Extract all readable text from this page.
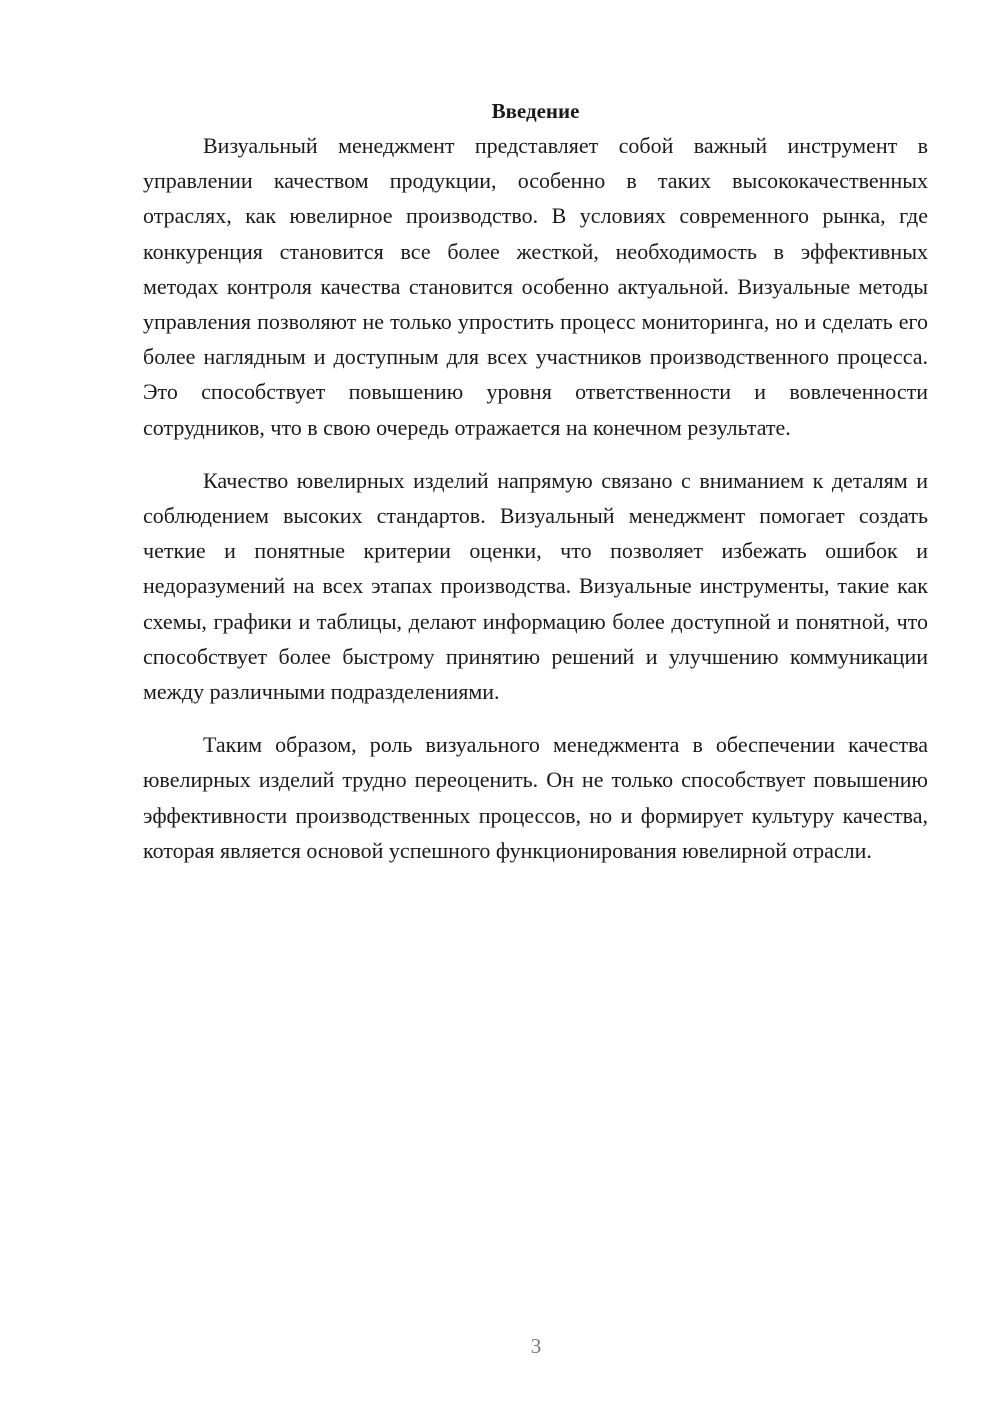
Введение

Визуальный менеджмент представляет собой важный инструмент в управлении качеством продукции, особенно в таких высококачественных отраслях, как ювелирное производство. В условиях современного рынка, где конкуренция становится все более жесткой, необходимость в эффективных методах контроля качества становится особенно актуальной. Визуальные методы управления позволяют не только упростить процесс мониторинга, но и сделать его более наглядным и доступным для всех участников производственного процесса. Это способствует повышению уровня ответственности и вовлеченности сотрудников, что в свою очередь отражается на конечном результате.

Качество ювелирных изделий напрямую связано с вниманием к деталям и соблюдением высоких стандартов. Визуальный менеджмент помогает создать четкие и понятные критерии оценки, что позволяет избежать ошибок и недоразумений на всех этапах производства. Визуальные инструменты, такие как схемы, графики и таблицы, делают информацию более доступной и понятной, что способствует более быстрому принятию решений и улучшению коммуникации между различными подразделениями.

Таким образом, роль визуального менеджмента в обеспечении качества ювелирных изделий трудно переоценить. Он не только способствует повышению эффективности производственных процессов, но и формирует культуру качества, которая является основой успешного функционирования ювелирной отрасли.

3
